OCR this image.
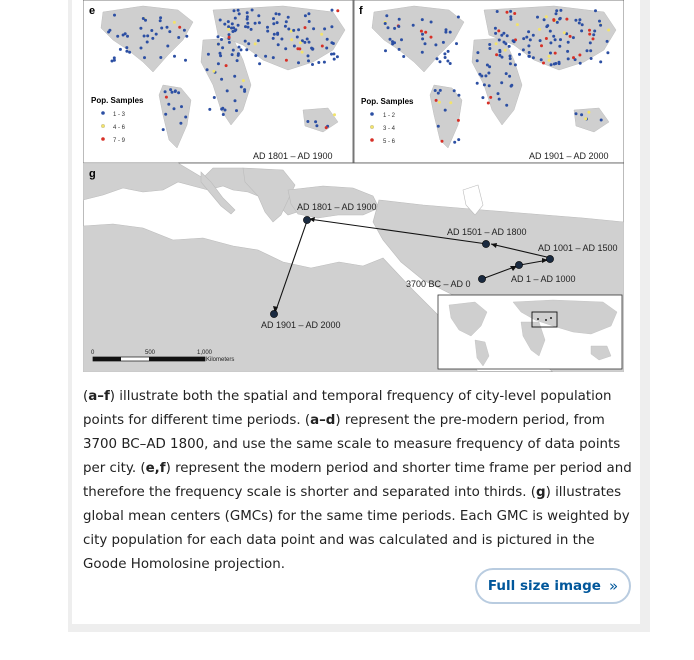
e
Pop. Samples
1 - 3
4 - 6
7 - 9
AD 1801 – AD 1900
f
Pop. Samples
1 - 2
3 - 4
5 - 6
AD 1901 – AD 2000
3700 BC – AD 0	AD 1 – AD 1000
AD 1001 – AD 1500
AD 1501 – AD 1800
AD 1801 – AD 1900
AD 1901 – AD 2000
g
0	500	1,000
Kilometers
(a–f) illustrate both the spatial and temporal frequency of city-level population points for different time periods. (a–d) represent the pre-modern period, from 3700 BC–AD 1800, and use the same scale to measure frequency of data points per city. (e,f) represent the modern period and shorter time frame per period and therefore the frequency scale is shorter and separated into thirds. (g) illustrates global mean centers (GMCs) for the same time periods. Each GMC is weighted by city population for each data point and was calculated and is pictured in the Goode Homolosine projection.
Full size image »
